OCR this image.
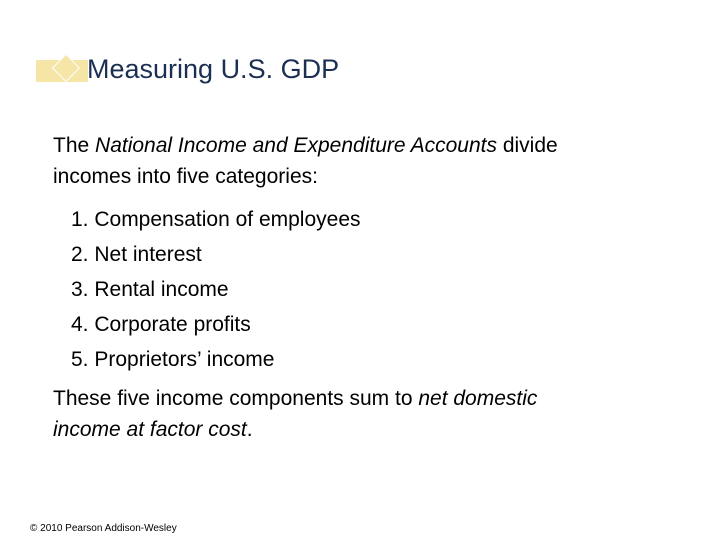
Measuring U.S. GDP

The National Income and Expenditure Accounts divide
incomes into five categories:

1. Compensation of employees
2. Net interest
3. Rental income
4. Corporate profits
5. Proprietors’ income

These five income components sum to net domestic
income at factor cost.

© 2010 Pearson Addison-Wesley
